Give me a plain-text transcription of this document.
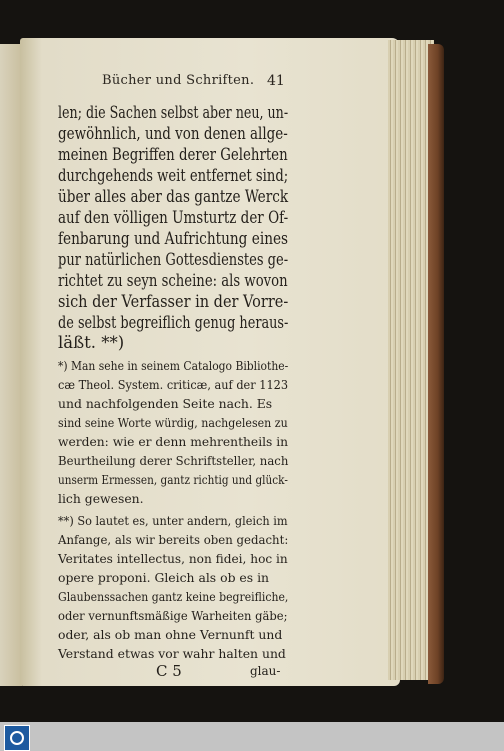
Bücher und Schriften. 41
len; die Sachen selbst aber neu, un-
gewöhnlich, und von denen allge-
meinen Begriffen derer Gelehrten
durchgehends weit entfernet sind;
über alles aber das gantze Werck
auf den völligen Umsturtz der Of-
fenbarung und Aufrichtung eines
pur natürlichen Gottesdienstes ge-
richtet zu seyn scheine: als wovon
sich der Verfasser in der Vorre-
de selbst begreiflich genug heraus-
läßt. **)
*) Man sehe in seinem Catalogo Bibliothe-
cæ Theol. System. criticæ, auf der 1123
und nachfolgenden Seite nach. Es
sind seine Worte würdig, nachgelesen zu
werden: wie er denn mehrentheils in
Beurtheilung derer Schriftsteller, nach
unserm Ermessen, gantz richtig und glück-
lich gewesen.
**) So lautet es, unter andern, gleich im
Anfange, als wir bereits oben gedacht:
Veritates intellectus, non fidei, hoc in
opere proponi. Gleich als ob es in
Glaubenssachen gantz keine begreifliche,
oder vernunftsmäßige Warheiten gäbe;
oder, als ob man ohne Vernunft und
Verstand etwas vor wahr halten und
C 5	glau-
